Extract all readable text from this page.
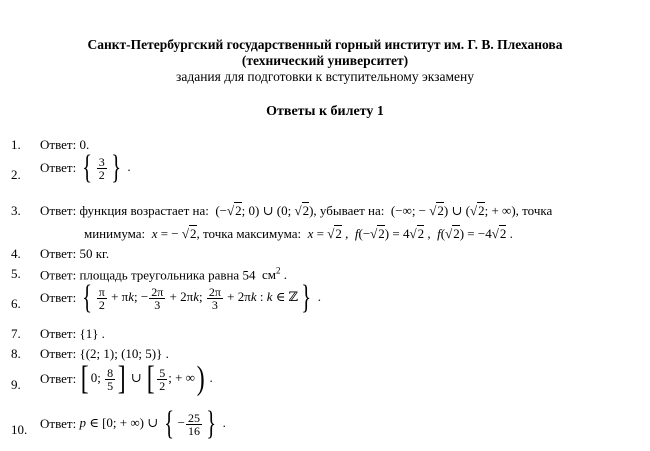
Санкт-Петербургский государственный горный институт им. Г. В. Плеханова
(технический университет)
задания для подготовки к вступительному экзамену
Ответы к билету 1
1. Ответ: 0.
2. Ответ: { $\frac{3}{2}$ } .
3. Ответ: функция возрастает на:  (−√2; 0) ∪ (0; √2), убывает на:  (−∞; − √2) ∪ (√2; + ∞), точка
минимума: x = − √2, точка максимума: x = √2 ,  f(−√2) = 4√2 ,  f(√2) = −4√2 .
4. Ответ: 50 кг.
5. Ответ: площадь треугольника равна 54  $см^2$ .
6. Ответ: { $\frac{\pi}{2} + \pi k$; − $\frac{2\pi}{3} + 2\pi k$; $\frac{2\pi}{3} + 2\pi k$ : k ∈ ℤ} .
7. Ответ: {1} .
8. Ответ: {(2; 1); (10; 5)} .
9. Ответ: [ 0; $\frac{8}{5}$ ] ∪ [ $\frac{5}{2}$ ; + ∞) .
10. Ответ: p ∈ [0; + ∞) ∪ { − $\frac{25}{16}$ } .
